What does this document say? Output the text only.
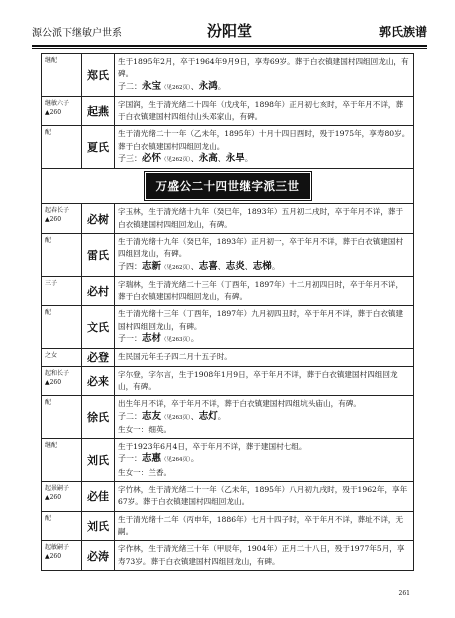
源公派下继敏户世系	汾阳堂	郭氏族谱
继配	郑氏	生于1895年2月，卒于1964年9月9日，享寿69岁。葬于白衣镇建国村四组回龙山，有碑。
子二：永宝（见262页）、永鸿。

继敏六子 ▲260	起燕	字国润，生于清光绪二十四年（戊戌年，1898年）正月初七亥时，卒于年月不详，葬于白衣镇建国村四组付山头邓家山，有碑。

配	夏氏	生于清光绪二十一年（乙未年，1895年）十月十四日酉时，殁于1975年，享寿80岁。葬于白衣镇建国村四组回龙山。
子三：必怀（见262页）、永高、永旱。

万盛公二十四世继字派三世		
起春长子 ▲260	必树	字玉林，生于清光绪十九年（癸巳年，1893年）五月初二戌时，卒于年月不详，葬于白衣镇建国村四组回龙山，有碑。

配	雷氏	生于清光绪十九年（癸巳年，1893年）正月初一，卒于年月不详，葬于白衣镇建国村四组回龙山，有碑。
子四：志新（见262页）、志喜、志炎、志梯。

三子	必村	字瑞林，生于清光绪二十三年（丁酉年，1897年）十二月初四日时，卒于年月不详，葬于白衣镇建国村四组回龙山，有碑。

配	文氏	生于清光绪十三年（丁酉年，1897年）九月初四丑时，卒于年月不详，葬于白衣镇建国村四组回龙山，有碑。
子一：志材（见263页）。

之女	必登	生民国元年壬子四二月十五子时。

起和长子 ▲260	必来	字尔登，字尔言，生于1908年1月9日，卒于年月不详，葬于白衣镇建国村四组回龙山，有碑。

配	徐氏	出生年月不详，卒于年月不详，葬于白衣镇建国村四组坑头庙山，有碑。
子二：志友（见263页）、志灯。
生女一：细英。

继配	刘氏	生于1923年6月4日，卒于年月不详，葬于建国村七组。
子一：志惠（见264页）。
生女一：兰香。

起景嗣子 ▲260	必佳	字竹林，生于清光绪二十一年（乙未年，1895年）八月初九戌时，殁于1962年，享年67岁。葬于白衣镇建国村四组回龙山。

配	刘氏	生于清光绪十二年（丙申年，1886年）七月十四子时，卒于年月不详，葬址不详，无嗣。

起敏嗣子 ▲260	必涛	字作林，生于清光绪三十年（甲辰年，1904年）正月二十八日，殁于1977年5月，享寿73岁。葬于白衣镇建国村四组回龙山，有碑。
261
